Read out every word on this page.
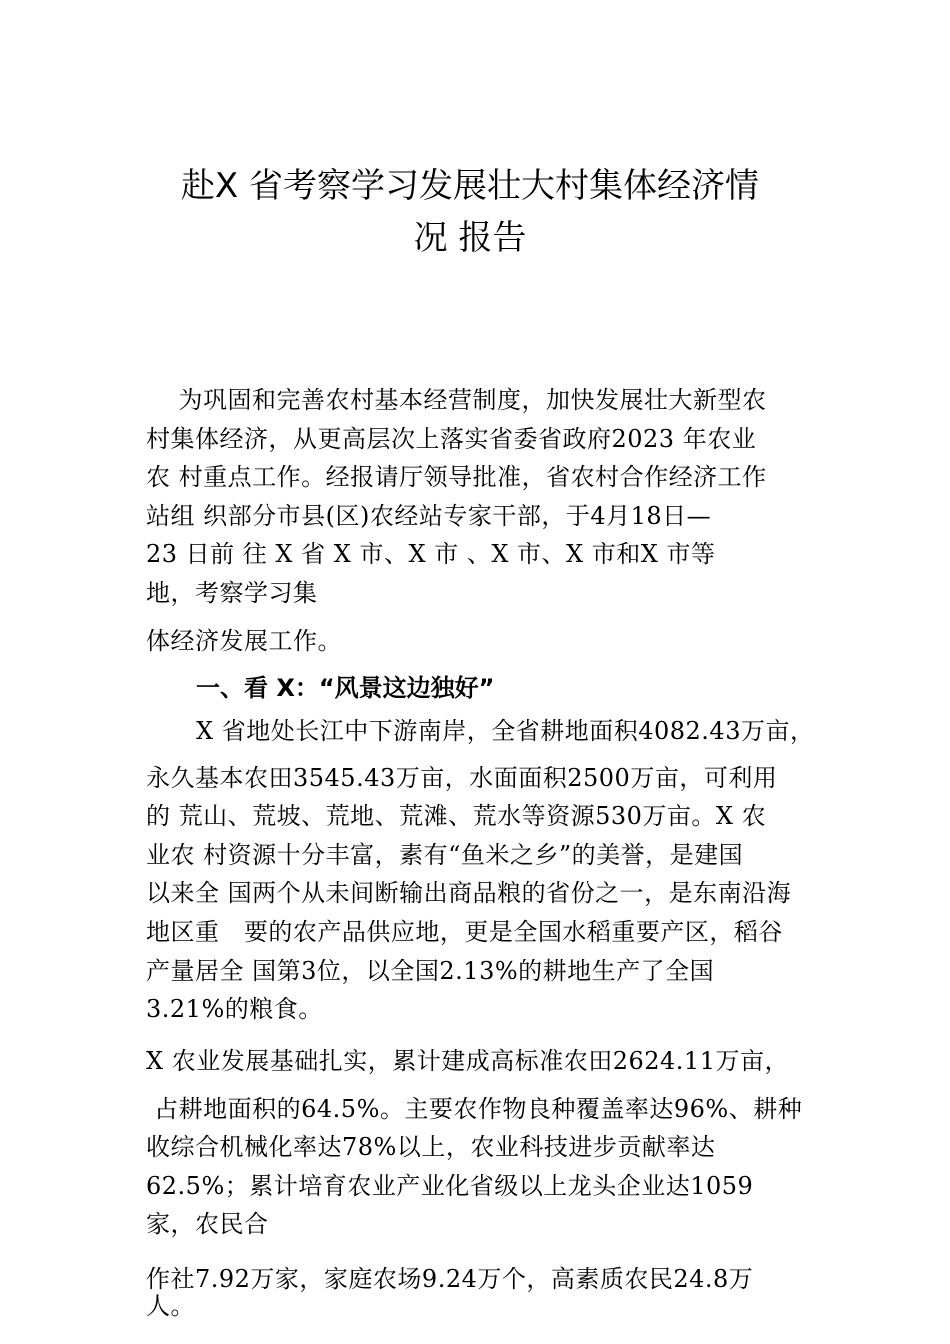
赴X 省考察学习发展壮大村集体经济情
况 报告
为巩固和完善农村基本经营制度，加快发展壮大新型农
村集体经济，从更高层次上落实省委省政府2023 年农业
农 村重点工作。经报请厅领导批准，省农村合作经济工作
站组 织部分市县(区)农经站专家干部，于4月18日—
23 日前 往 X 省 X 市、X 市 、X 市、X 市和X 市等
地，考察学习集
体经济发展工作。
一、看 X：“风景这边独好”
X 省地处长江中下游南岸，全省耕地面积4082.43万亩，
永久基本农田3545.43万亩，水面面积2500万亩，可利用
的 荒山、荒坡、荒地、荒滩、荒水等资源530万亩。X 农
业农 村资源十分丰富，素有“鱼米之乡”的美誉，是建国
以来全 国两个从未间断输出商品粮的省份之一，是东南沿海
地区重   要的农产品供应地，更是全国水稻重要产区，稻谷
产量居全 国第3位，以全国2.13%的耕地生产了全国
3.21%的粮食。
X 农业发展基础扎实，累计建成高标准农田2624.11万亩，
占耕地面积的64.5%。主要农作物良种覆盖率达96%、耕种
收综合机械化率达78%以上，农业科技进步贡献率达
62.5%；累计培育农业产业化省级以上龙头企业达1059
家，农民合
作社7.92万家，家庭农场9.24万个，高素质农民24.8万
人。
